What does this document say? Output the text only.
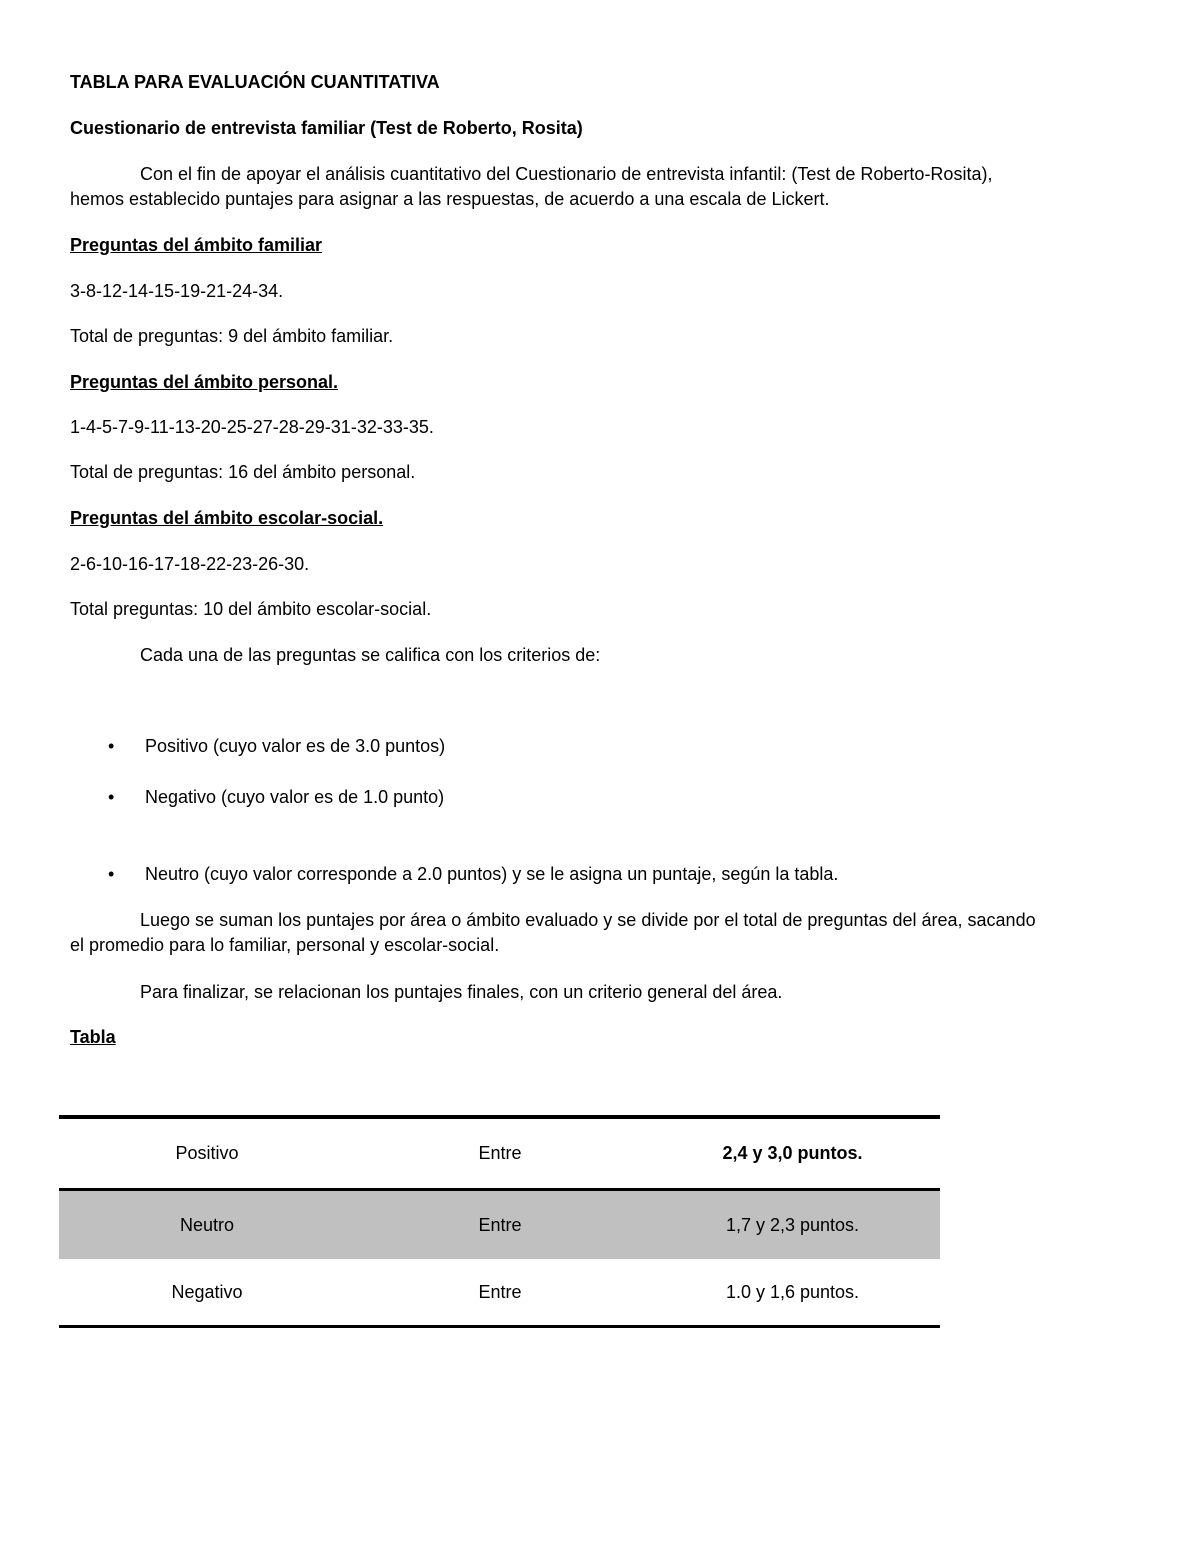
TABLA PARA EVALUACIÓN CUANTITATIVA
Cuestionario de entrevista familiar (Test de Roberto, Rosita)
Con el fin de apoyar el análisis cuantitativo del Cuestionario de entrevista infantil: (Test de Roberto-Rosita),
hemos establecido puntajes para asignar a las respuestas, de acuerdo a una escala de Lickert.
Preguntas del ámbito familiar
3-8-12-14-15-19-21-24-34.
Total de preguntas: 9 del ámbito familiar.
Preguntas del ámbito personal.
1-4-5-7-9-11-13-20-25-27-28-29-31-32-33-35.
Total de preguntas: 16 del ámbito personal.
Preguntas del ámbito escolar-social.
2-6-10-16-17-18-22-23-26-30.
Total preguntas: 10 del ámbito escolar-social.
Cada una de las preguntas se califica con los criterios de:
• Positivo (cuyo valor es de 3.0 puntos)
• Negativo (cuyo valor es de 1.0 punto)
• Neutro (cuyo valor corresponde a 2.0 puntos) y se le asigna un puntaje, según la tabla.
Luego se suman los puntajes por área o ámbito evaluado y se divide por el total de preguntas del área, sacando
el promedio para lo familiar, personal y escolar-social.
Para finalizar, se relacionan los puntajes finales, con un criterio general del área.
Tabla
Positivo	Entre	2,4 y 3,0 puntos.
Neutro	Entre	1,7 y 2,3 puntos.
Negativo	Entre	1.0 y 1,6 puntos.
